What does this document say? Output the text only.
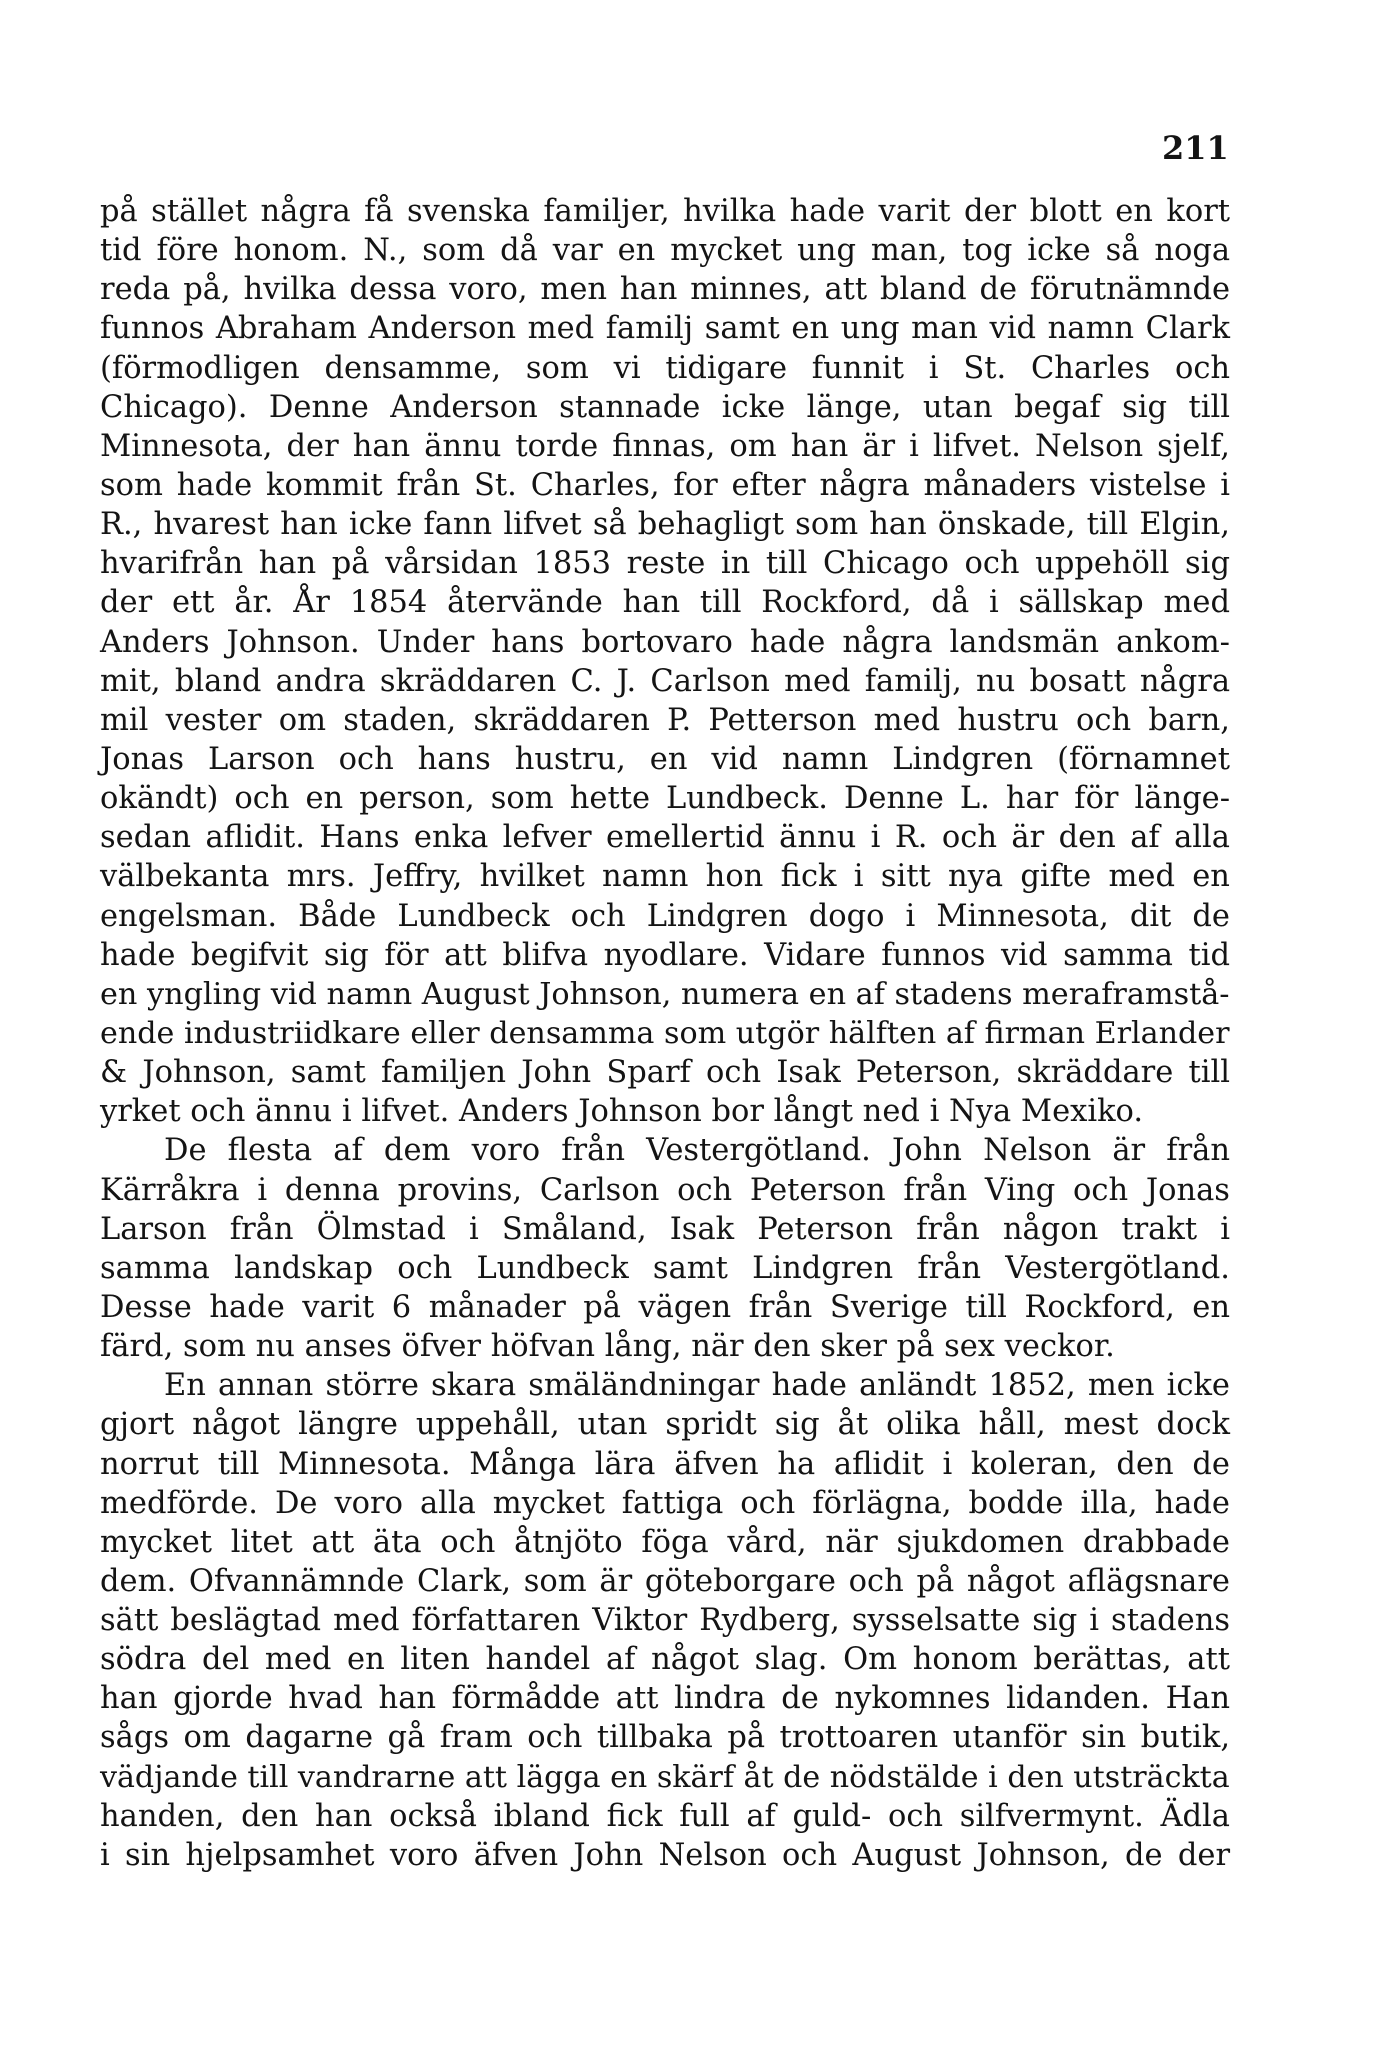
211
på stället några få svenska familjer, hvilka hade varit der blott en kort
tid före honom. N., som då var en mycket ung man, tog icke så noga
reda på, hvilka dessa voro, men han minnes, att bland de förutnämnde
funnos Abraham Anderson med familj samt en ung man vid namn Clark
(förmodligen densamme, som vi tidigare funnit i St. Charles och
Chicago). Denne Anderson stannade icke länge, utan begaf sig till
Minnesota, der han ännu torde finnas, om han är i lifvet. Nelson sjelf,
som hade kommit från St. Charles, for efter några månaders vistelse i
R., hvarest han icke fann lifvet så behagligt som han önskade, till Elgin,
hvarifrån han på vårsidan 1853 reste in till Chicago och uppehöll sig
der ett år. År 1854 återvände han till Rockford, då i sällskap med
Anders Johnson. Under hans bortovaro hade några landsmän ankom-
mit, bland andra skräddaren C. J. Carlson med familj, nu bosatt några
mil vester om staden, skräddaren P. Petterson med hustru och barn,
Jonas Larson och hans hustru, en vid namn Lindgren (förnamnet
okändt) och en person, som hette Lundbeck. Denne L. har för länge-
sedan aflidit. Hans enka lefver emellertid ännu i R. och är den af alla
välbekanta mrs. Jeffry, hvilket namn hon fick i sitt nya gifte med en
engelsman. Både Lundbeck och Lindgren dogo i Minnesota, dit de
hade begifvit sig för att blifva nyodlare. Vidare funnos vid samma tid
en yngling vid namn August Johnson, numera en af stadens meraframstå-
ende industriidkare eller densamma som utgör hälften af firman Erlander
& Johnson, samt familjen John Sparf och Isak Peterson, skräddare till
yrket och ännu i lifvet. Anders Johnson bor långt ned i Nya Mexiko.
De flesta af dem voro från Vestergötland. John Nelson är från
Kärråkra i denna provins, Carlson och Peterson från Ving och Jonas
Larson från Ölmstad i Småland, Isak Peterson från någon trakt i
samma landskap och Lundbeck samt Lindgren från Vestergötland.
Desse hade varit 6 månader på vägen från Sverige till Rockford, en
färd, som nu anses öfver höfvan lång, när den sker på sex veckor.
En annan större skara smäländningar hade anländt 1852, men icke
gjort något längre uppehåll, utan spridt sig åt olika håll, mest dock
norrut till Minnesota. Många lära äfven ha aflidit i koleran, den de
medförde. De voro alla mycket fattiga och förlägna, bodde illa, hade
mycket litet att äta och åtnjöto föga vård, när sjukdomen drabbade
dem. Ofvannämnde Clark, som är göteborgare och på något aflägsnare
sätt beslägtad med författaren Viktor Rydberg, sysselsatte sig i stadens
södra del med en liten handel af något slag. Om honom berättas, att
han gjorde hvad han förmådde att lindra de nykomnes lidanden. Han
sågs om dagarne gå fram och tillbaka på trottoaren utanför sin butik,
vädjande till vandrarne att lägga en skärf åt de nödstälde i den utsträckta
handen, den han också ibland fick full af guld- och silfvermynt. Ädla
i sin hjelpsamhet voro äfven John Nelson och August Johnson, de der
